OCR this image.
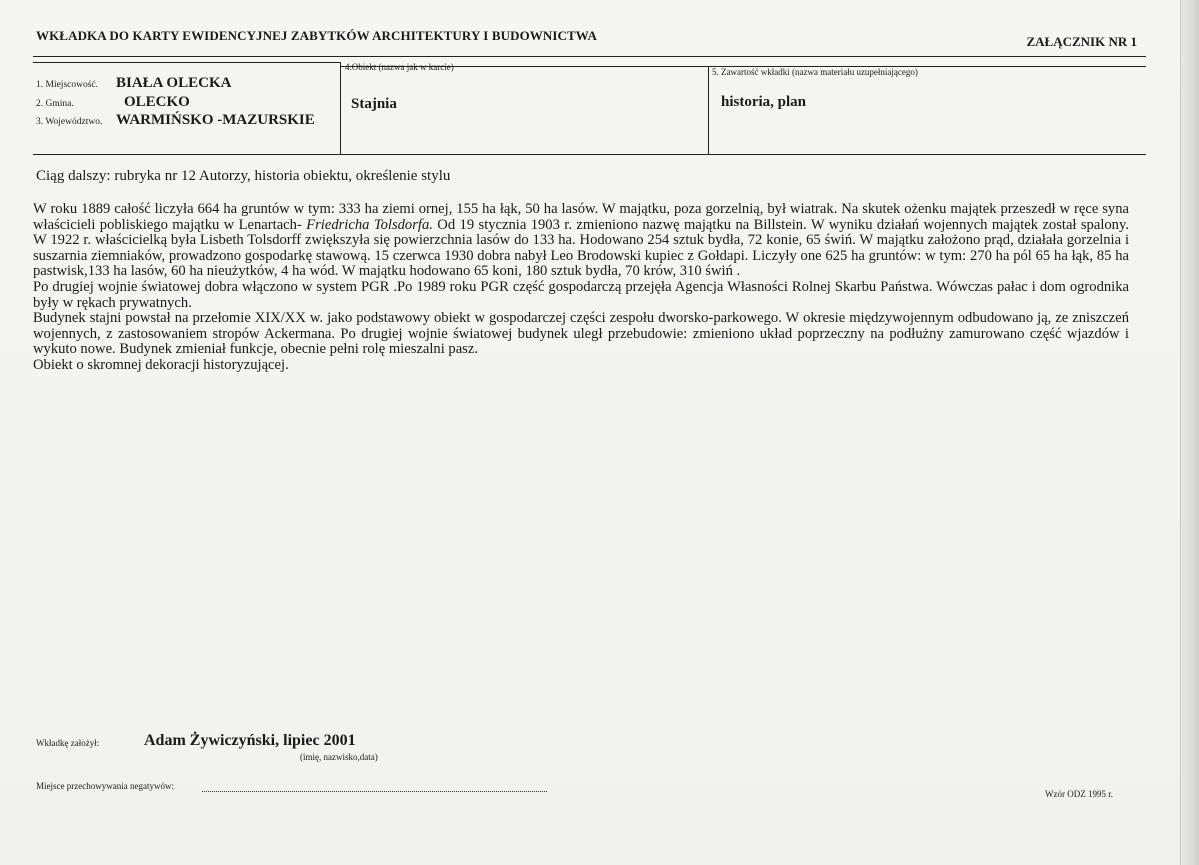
WKŁADKA DO KARTY EWIDENCYJNEJ ZABYTKÓW ARCHITEKTURY I BUDOWNICTWA	ZAŁĄCZNIK NR 1
1. Miejscowość. BIAŁA OLECKA
2. Gmina.	OLECKO
3. Województwo. WARMIŃSKO -MAZURSKIE
4.Obiekt (nazwa jak w karcie)
Stajnia
5. Zawartość wkładki (nazwa materiału uzupełniającego)
historia, plan
Ciąg dalszy: rubryka nr 12 Autorzy, historia obiektu, określenie stylu

W roku 1889 całość liczyła 664 ha gruntów w tym: 333 ha ziemi ornej, 155 ha łąk, 50 ha lasów. W majątku, poza gorzelnią, był wiatrak. Na skutek ożenku majątek przeszedł w ręce syna właścicieli pobliskiego majątku w Lenartach- Friedricha Tolsdorfa. Od 19 stycznia 1903 r. zmieniono nazwę majątku na Billstein. W wyniku działań wojennych majątek został spalony. W 1922 r. właścicielką była Lisbeth Tolsdorff zwiększyła się powierzchnia lasów do 133 ha. Hodowano 254 sztuk bydła, 72 konie, 65 świń. W majątku założono prąd, działała gorzelnia i suszarnia ziemniaków, prowadzono gospodarkę stawową. 15 czerwca 1930 dobra nabył Leo Brodowski kupiec z Gołdapi. Liczyły one 625 ha gruntów: w tym: 270 ha pól 65 ha łąk, 85 ha pastwisk,133 ha lasów, 60 ha nieużytków, 4 ha wód. W majątku hodowano 65 koni, 180 sztuk bydła, 70 krów, 310 świń .

Po drugiej wojnie światowej dobra włączono w system PGR .Po 1989 roku PGR część gospodarczą przejęła Agencja Własności Rolnej Skarbu Państwa. Wówczas pałac i dom ogrodnika były w rękach prywatnych.

Budynek stajni powstał na przełomie XIX/XX w. jako podstawowy obiekt w gospodarczej części zespołu dworsko-parkowego. W okresie międzywojennym odbudowano ją, ze zniszczeń wojennych, z zastosowaniem stropów Ackermana. Po drugiej wojnie światowej budynek uległ przebudowie: zmieniono układ poprzeczny na podłużny zamurowano część wjazdów i wykuto nowe. Budynek zmieniał funkcje, obecnie pełni rolę mieszalni pasz.

Obiekt o skromnej dekoracji historyzującej.

Wkładkę założył:	Adam Żywiczyński, lipiec 2001
(imię, nazwisko,data)
Miejsce przechowywania negatywów:
Wzór ODZ 1995 r.
